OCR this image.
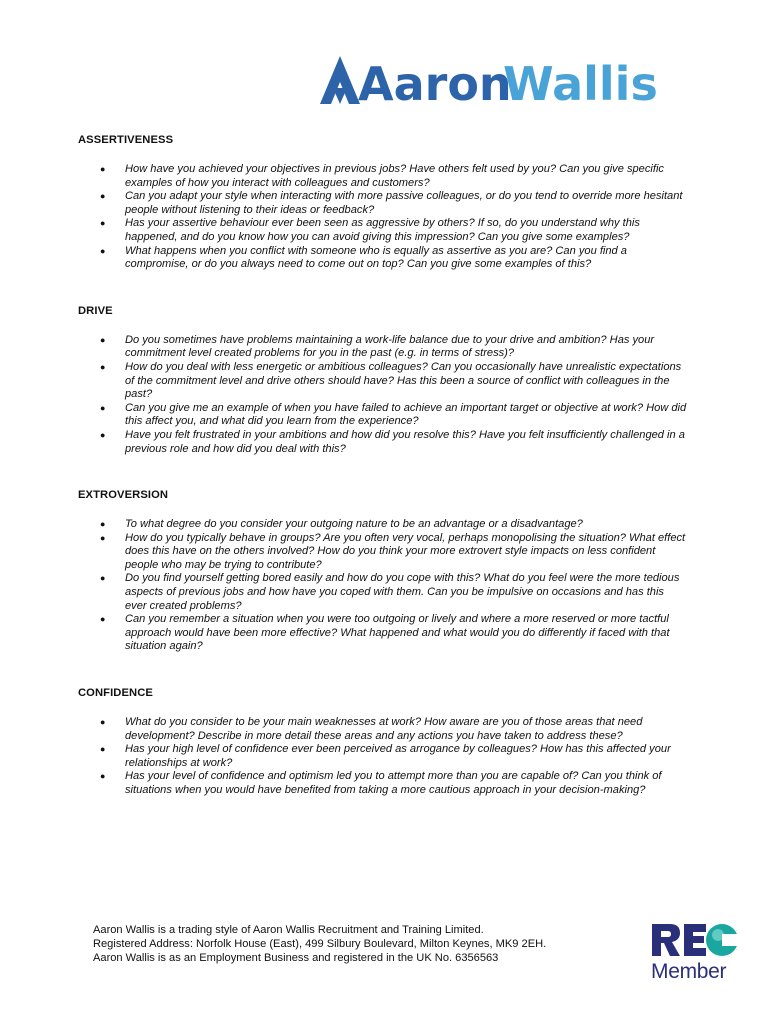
Aaron
Wallis
ASSERTIVENESS
● How have you achieved your objectives in previous jobs? Have others felt used by you? Can you give specific examples of how you interact with colleagues and customers?
● Can you adapt your style when interacting with more passive colleagues, or do you tend to override more hesitant people without listening to their ideas or feedback?
● Has your assertive behaviour ever been seen as aggressive by others? If so, do you understand why this happened, and do you know how you can avoid giving this impression? Can you give some examples?
● What happens when you conflict with someone who is equally as assertive as you are? Can you find a compromise, or do you always need to come out on top? Can you give some examples of this?
DRIVE
● Do you sometimes have problems maintaining a work-life balance due to your drive and ambition? Has your commitment level created problems for you in the past (e.g. in terms of stress)?
● How do you deal with less energetic or ambitious colleagues? Can you occasionally have unrealistic expectations of the commitment level and drive others should have? Has this been a source of conflict with colleagues in the past?
● Can you give me an example of when you have failed to achieve an important target or objective at work? How did this affect you, and what did you learn from the experience?
● Have you felt frustrated in your ambitions and how did you resolve this? Have you felt insufficiently challenged in a previous role and how did you deal with this?
EXTROVERSION
● To what degree do you consider your outgoing nature to be an advantage or a disadvantage?
● How do you typically behave in groups? Are you often very vocal, perhaps monopolising the situation? What effect does this have on the others involved? How do you think your more extrovert style impacts on less confident people who may be trying to contribute?
● Do you find yourself getting bored easily and how do you cope with this? What do you feel were the more tedious aspects of previous jobs and how have you coped with them. Can you be impulsive on occasions and has this ever created problems?
● Can you remember a situation when you were too outgoing or lively and where a more reserved or more tactful approach would have been more effective? What happened and what would you do differently if faced with that situation again?
CONFIDENCE
● What do you consider to be your main weaknesses at work? How aware are you of those areas that need development? Describe in more detail these areas and any actions you have taken to address these?
● Has your high level of confidence ever been perceived as arrogance by colleagues? How has this affected your relationships at work?
● Has your level of confidence and optimism led you to attempt more than you are capable of? Can you think of situations when you would have benefited from taking a more cautious approach in your decision-making?
Aaron Wallis is a trading style of Aaron Wallis Recruitment and Training Limited.
Registered Address: Norfolk House (East), 499 Silbury Boulevard, Milton Keynes, MK9 2EH.
Aaron Wallis is as an Employment Business and registered in the UK No. 6356563
Member
